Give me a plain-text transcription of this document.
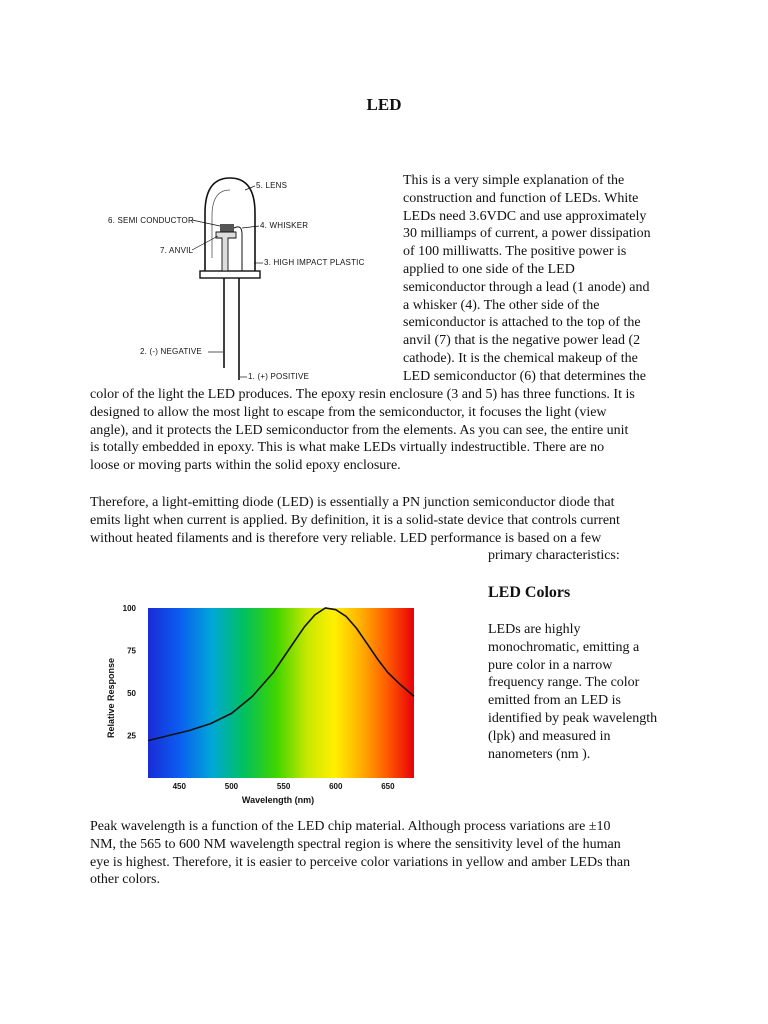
LED
5. LENS
6. SEMI CONDUCTOR
4. WHISKER
7. ANVIL
3. HIGH IMPACT PLASTIC
2. (-) NEGATIVE
1. (+) POSITIVE

This is a very simple explanation of the
construction and function of LEDs. White
LEDs need 3.6VDC and use approximately
30 milliamps of current, a power dissipation
of 100 milliwatts. The positive power is
applied to one side of the LED
semiconductor through a lead (1 anode) and
a whisker (4). The other side of the
semiconductor is attached to the top of the
anvil (7) that is the negative power lead (2
cathode). It is the chemical makeup of the
LED semiconductor (6) that determines the

color of the light the LED produces. The epoxy resin enclosure (3 and 5) has three functions. It is
designed to allow the most light to escape from the semiconductor, it focuses the light (view
angle), and it protects the LED semiconductor from the elements. As you can see, the entire unit
is totally embedded in epoxy. This is what make LEDs virtually indestructible. There are no
loose or moving parts within the solid epoxy enclosure.

Therefore, a light-emitting diode (LED) is essentially a PN junction semiconductor diode that
emits light when current is applied. By definition, it is a solid-state device that controls current
without heated filaments and is therefore very reliable. LED performance is based on a few

primary characteristics:
LED Colors

LEDs are highly
monochromatic, emitting a
pure color in a narrow
frequency range. The color
emitted from an LED is
identified by peak wavelength
(lpk) and measured in
nanometers (nm ).

25
50
75
100
450	500	550	600	650
Wavelength (nm)
Relative Response

Peak wavelength is a function of the LED chip material. Although process variations are ±10
NM, the 565 to 600 NM wavelength spectral region is where the sensitivity level of the human
eye is highest. Therefore, it is easier to perceive color variations in yellow and amber LEDs than
other colors.
